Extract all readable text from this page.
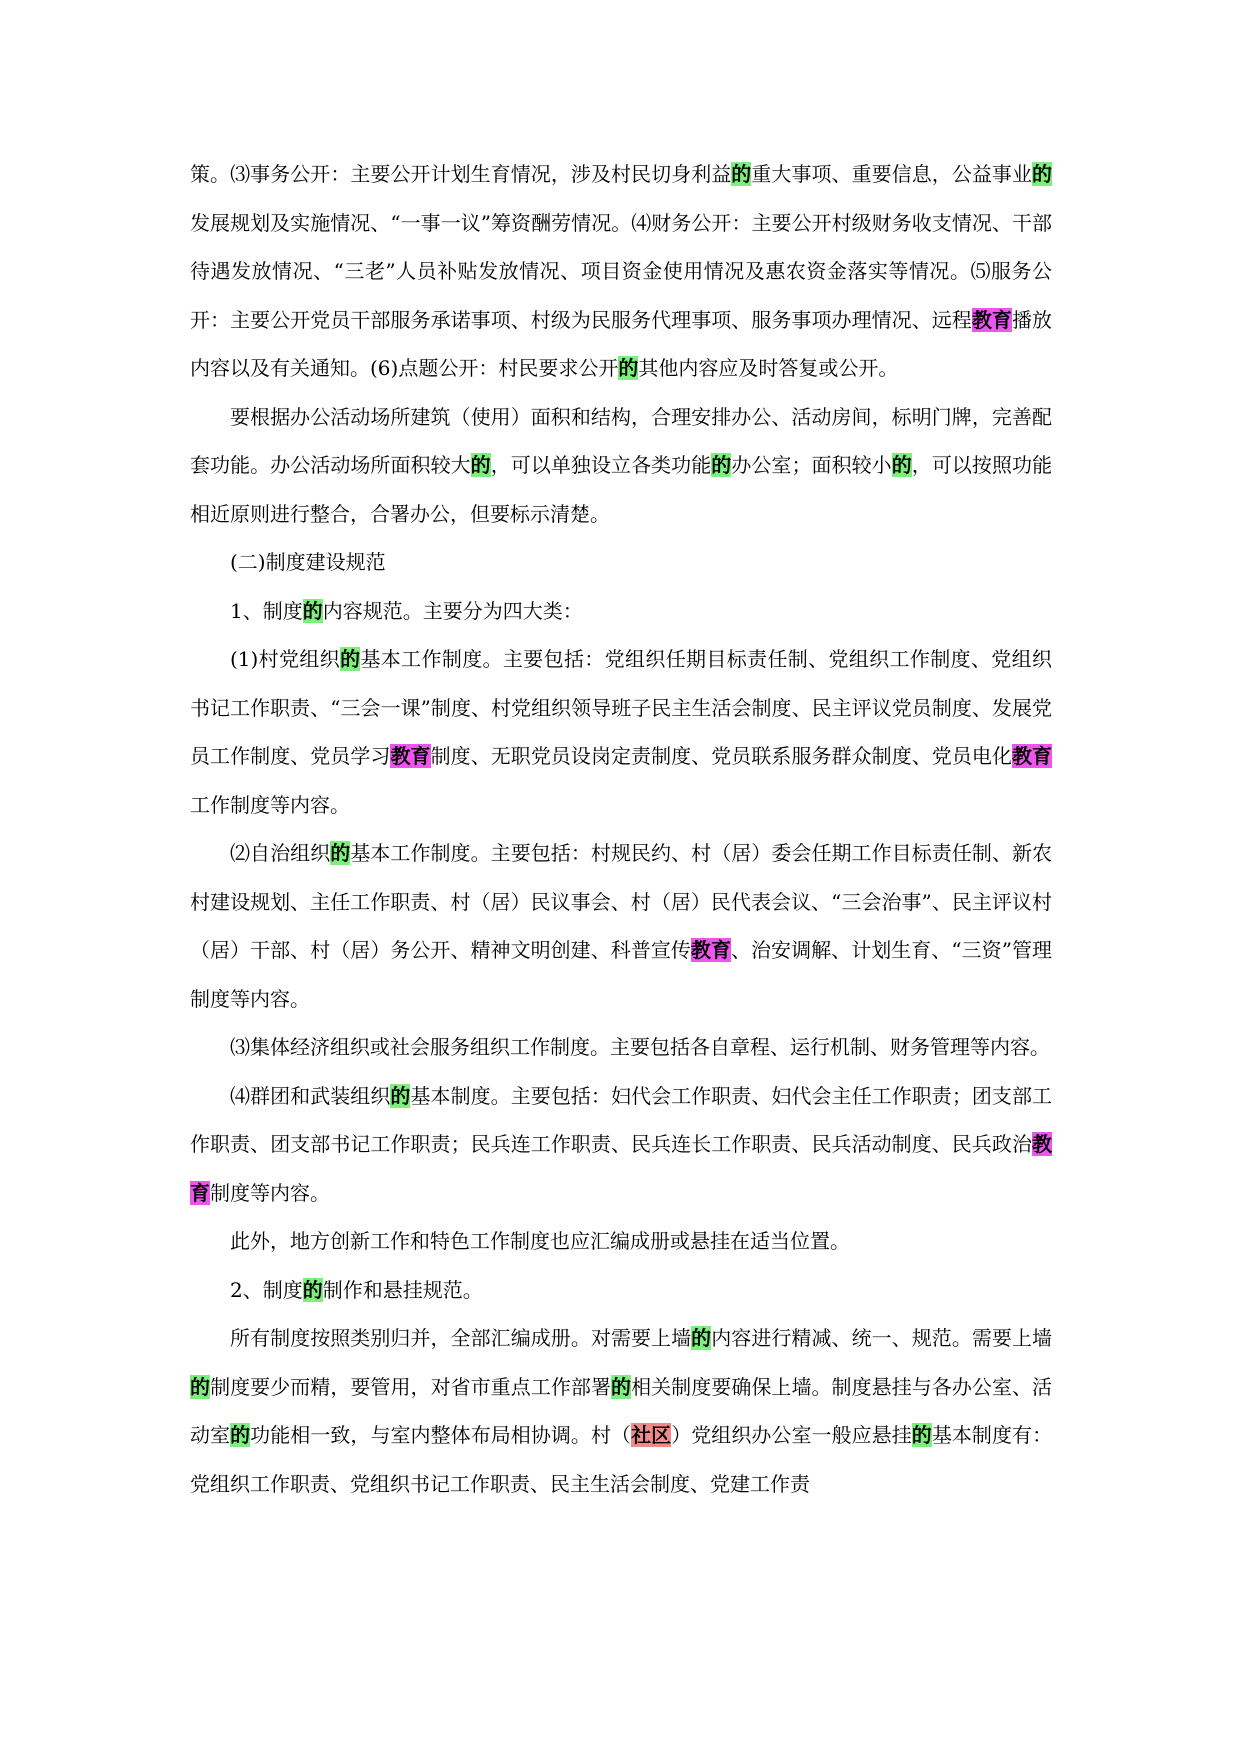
策。⑶事务公开：主要公开计划生育情况，涉及村民切身利益的重大事项、重要信息，公益事业的发展规划及实施情况、“一事一议”筹资酬劳情况。⑷财务公开：主要公开村级财务收支情况、干部待遇发放情况、“三老”人员补贴发放情况、项目资金使用情况及惠农资金落实等情况。⑸服务公开：主要公开党员干部服务承诺事项、村级为民服务代理事项、服务事项办理情况、远程教育播放内容以及有关通知。(6)点题公开：村民要求公开的其他内容应及时答复或公开。

要根据办公活动场所建筑（使用）面积和结构，合理安排办公、活动房间，标明门牌，完善配套功能。办公活动场所面积较大的，可以单独设立各类功能的办公室；面积较小的，可以按照功能相近原则进行整合，合署办公，但要标示清楚。

(二)制度建设规范

1、制度的内容规范。主要分为四大类：

(1)村党组织的基本工作制度。主要包括：党组织任期目标责任制、党组织工作制度、党组织书记工作职责、“三会一课”制度、村党组织领导班子民主生活会制度、民主评议党员制度、发展党员工作制度、党员学习教育制度、无职党员设岗定责制度、党员联系服务群众制度、党员电化教育工作制度等内容。

⑵自治组织的基本工作制度。主要包括：村规民约、村（居）委会任期工作目标责任制、新农村建设规划、主任工作职责、村（居）民议事会、村（居）民代表会议、“三会治事”、民主评议村（居）干部、村（居）务公开、精神文明创建、科普宣传教育、治安调解、计划生育、“三资”管理制度等内容。

⑶集体经济组织或社会服务组织工作制度。主要包括各自章程、运行机制、财务管理等内容。

⑷群团和武装组织的基本制度。主要包括：妇代会工作职责、妇代会主任工作职责；团支部工作职责、团支部书记工作职责；民兵连工作职责、民兵连长工作职责、民兵活动制度、民兵政治教育制度等内容。

此外，地方创新工作和特色工作制度也应汇编成册或悬挂在适当位置。

2、制度的制作和悬挂规范。

所有制度按照类别归并，全部汇编成册。对需要上墙的内容进行精减、统一、规范。需要上墙的制度要少而精，要管用，对省市重点工作部署的相关制度要确保上墙。制度悬挂与各办公室、活动室的功能相一致，与室内整体布局相协调。村（社区）党组织办公室一般应悬挂的基本制度有：党组织工作职责、党组织书记工作职责、民主生活会制度、党建工作责
